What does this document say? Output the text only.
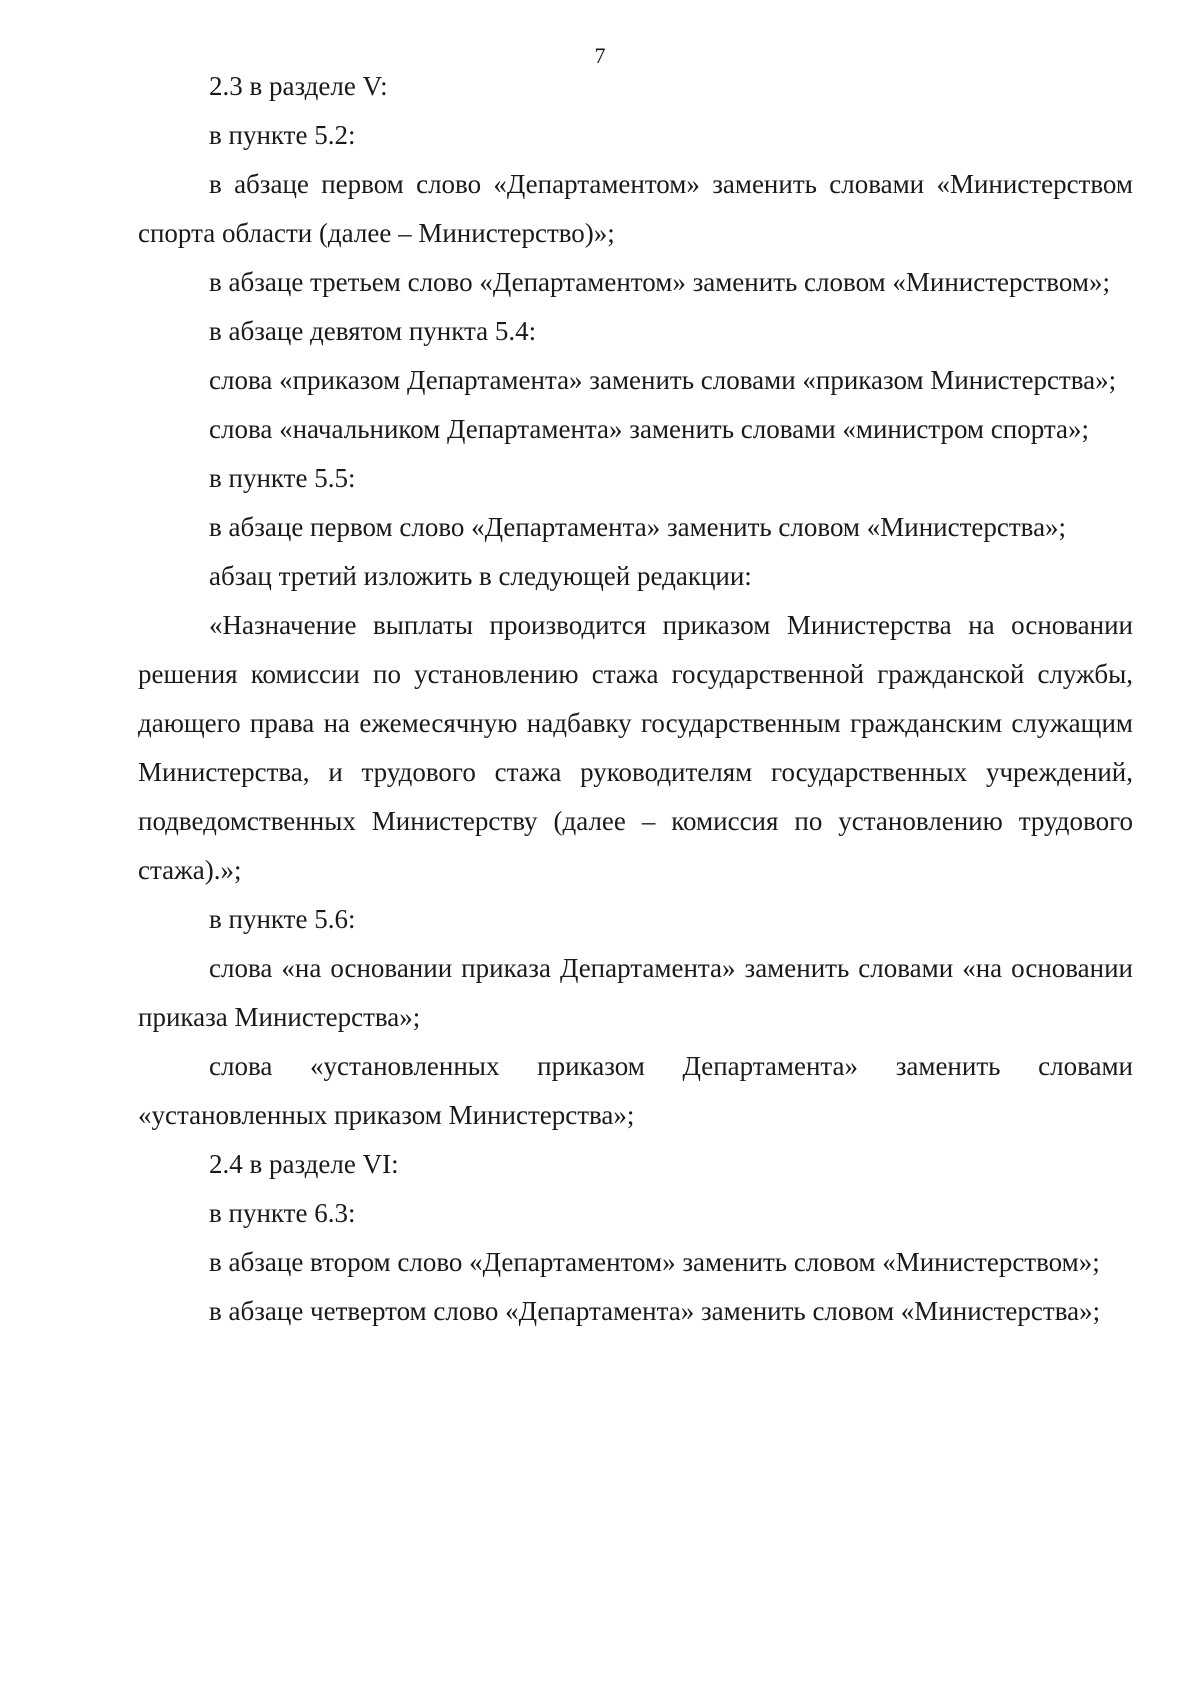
7

2.3 в разделе V:

в пункте 5.2:

в абзаце первом слово «Департаментом» заменить словами «Министерством спорта области (далее – Министерство)»;

в абзаце третьем слово «Департаментом» заменить словом «Министерством»;

в абзаце девятом пункта 5.4:

слова «приказом Департамента» заменить словами «приказом Министерства»;

слова «начальником Департамента» заменить словами «министром спорта»;

в пункте 5.5:

в абзаце первом слово «Департамента» заменить словом «Министерства»;

абзац третий изложить в следующей редакции:

«Назначение выплаты производится приказом Министерства на основании решения комиссии по установлению стажа государственной гражданской службы, дающего права на ежемесячную надбавку государственным гражданским служащим Министерства, и трудового стажа руководителям государственных учреждений, подведомственных Министерству (далее – комиссия по установлению трудового стажа).»;

в пункте 5.6:

слова «на основании приказа Департамента» заменить словами «на основании приказа Министерства»;

слова «установленных приказом Департамента» заменить словами «установленных приказом Министерства»;

2.4 в разделе VI:

в пункте 6.3:

в абзаце втором слово «Департаментом» заменить словом «Министерством»;

в абзаце четвертом слово «Департамента» заменить словом «Министерства»;
